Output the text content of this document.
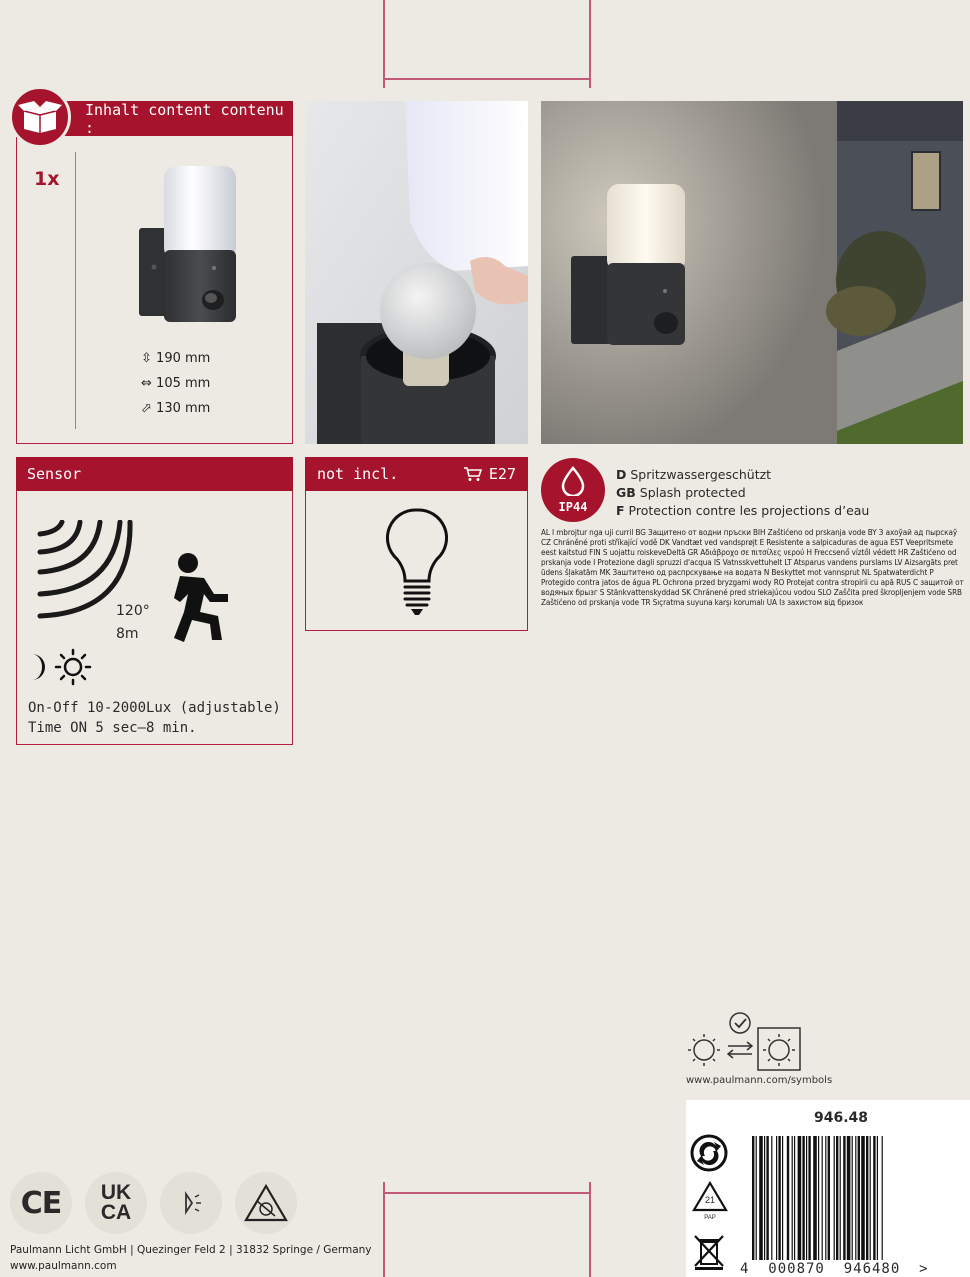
Inhalt content contenu :
1x
⇳ 190 mm
⇔ 105 mm
⬀ 130 mm
Sensor
120°
8m
On-Off 10-2000Lux (adjustable)
Time ON 5 sec–8 min.
not incl.	E27
IP44
D Spritzwassergeschützt
GB Splash protected
F Protection contre les projections d’eau
AL I mbrojtur nga uji curril BG Защитено от водни пръски BIH Zaštićeno od prskanja vode BY З ахоўай ад пырскаў CZ Chráněné proti stříkající vodě DK Vandtæt ved vandsprøjt E Resistente a salpicaduras de agua EST Veepritsmete eest kaitstud FIN S uojattu roiskeveDeltä GR Αδιάβροχο σε πιτσίλες νερού H Freccsenő víztől védett HR Zaštićeno od prskanja vode I Protezione dagli spruzzi d'acqua IS Vatnsskvettuhelt LT Atsparus vandens purslams LV Aizsargāts pret ūdens šļakatām MK Заштитено од распрскување на водата N Beskyttet mot vannsprut NL Spatwaterdicht P Protegido contra jatos de água PL Ochrona przed bryzgami wody RO Protejat contra stropirii cu apă RUS С защитой от водяных брызг S Stänkvattenskyddad SK Chránené pred striekajúcou vodou SLO Zaščita pred škropljenjem vode SRB Zaštićeno od prskanja vode TR Sıçratma suyuna karşı korumalı UA Із захистом від бризок
www.paulmann.com/symbols
946.48
21
PAP
4  000870  946480  >
CE UK
CA
Paulmann Licht GmbH | Quezinger Feld 2 | 31832 Springe / Germany
www.paulmann.com
